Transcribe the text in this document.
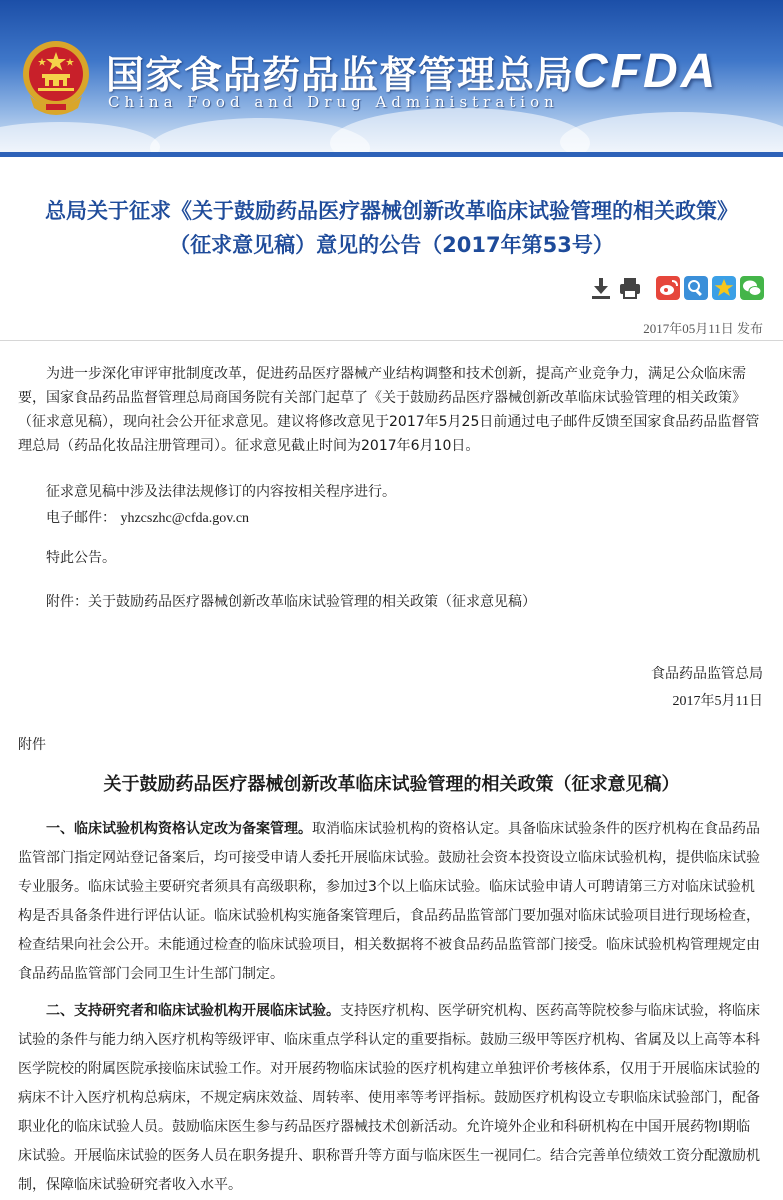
国家食品药品监督管理总局
China Food and Drug Administration
CFDA
总局关于征求《关于鼓励药品医疗器械创新改革临床试验管理的相关政策》
（征求意见稿）意见的公告（2017年第53号）
2017年05月11日 发布
为进一步深化审评审批制度改革，促进药品医疗器械产业结构调整和技术创新，提高产业竞争力，满足公众临床需要，国家食品药品监督管理总局商国务院有关部门起草了《关于鼓励药品医疗器械创新改革临床试验管理的相关政策》（征求意见稿），现向社会公开征求意见。建议将修改意见于2017年5月25日前通过电子邮件反馈至国家食品药品监督管理总局（药品化妆品注册管理司）。征求意见截止时间为2017年6月10日。
征求意见稿中涉及法律法规修订的内容按相关程序进行。
电子邮件： yhzcszhc@cfda.gov.cn
特此公告。
附件：关于鼓励药品医疗器械创新改革临床试验管理的相关政策（征求意见稿）
食品药品监管总局
2017年5月11日
附件
关于鼓励药品医疗器械创新改革临床试验管理的相关政策（征求意见稿）
一、临床试验机构资格认定改为备案管理。取消临床试验机构的资格认定。具备临床试验条件的医疗机构在食品药品监管部门指定网站登记备案后，均可接受申请人委托开展临床试验。鼓励社会资本投资设立临床试验机构，提供临床试验专业服务。临床试验主要研究者须具有高级职称，参加过3个以上临床试验。临床试验申请人可聘请第三方对临床试验机构是否具备条件进行评估认证。临床试验机构实施备案管理后，食品药品监管部门要加强对临床试验项目进行现场检查，检查结果向社会公开。未能通过检查的临床试验项目，相关数据将不被食品药品监管部门接受。临床试验机构管理规定由食品药品监管部门会同卫生计生部门制定。
二、支持研究者和临床试验机构开展临床试验。支持医疗机构、医学研究机构、医药高等院校参与临床试验，将临床试验的条件与能力纳入医疗机构等级评审、临床重点学科认定的重要指标。鼓励三级甲等医疗机构、省属及以上高等本科医学院校的附属医院承接临床试验工作。对开展药物临床试验的医疗机构建立单独评价考核体系，仅用于开展临床试验的病床不计入医疗机构总病床，不规定病床效益、周转率、使用率等考评指标。鼓励医疗机构设立专职临床试验部门，配备职业化的临床试验人员。鼓励临床医生参与药品医疗器械技术创新活动。允许境外企业和科研机构在中国开展药物I期临床试验。开展临床试验的医务人员在职务提升、职称晋升等方面与临床医生一视同仁。结合完善单位绩效工资分配激励机制，保障临床试验研究者收入水平。
